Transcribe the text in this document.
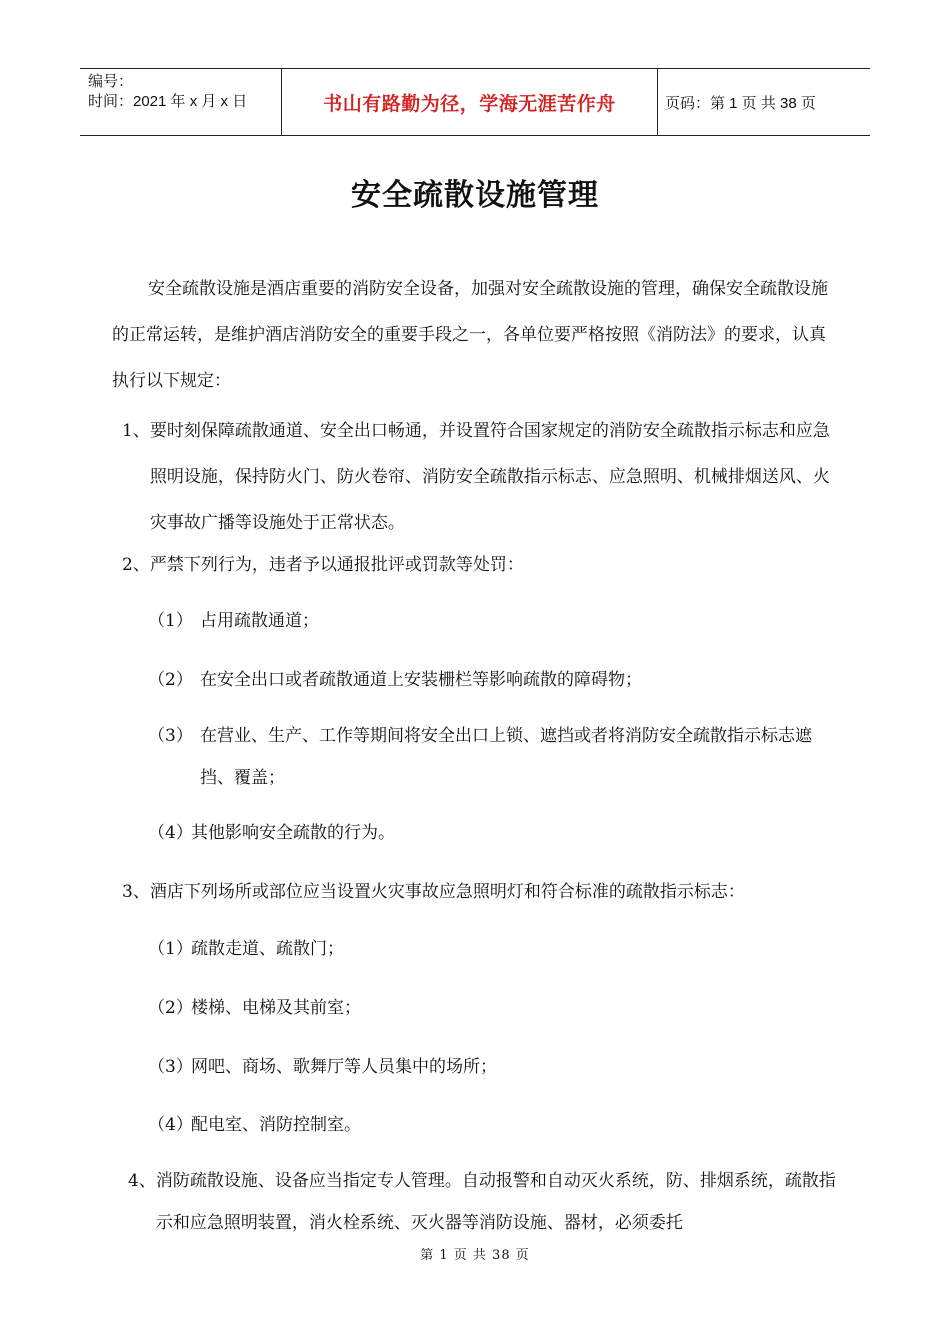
编号：
时间：2021 年 x 月 x 日	书山有路勤为径，学海无涯苦作舟	页码：第 1 页 共 38 页
安全疏散设施管理

安全疏散设施是酒店重要的消防安全设备，加强对安全疏散设施的管理，确保安全疏散设施的正常运转，是维护酒店消防安全的重要手段之一，各单位要严格按照《消防法》的要求，认真执行以下规定：

1、 要时刻保障疏散通道、安全出口畅通，并设置符合国家规定的消防安全疏散指示标志和应急照明设施，保持防火门、防火卷帘、消防安全疏散指示标志、应急照明、机械排烟送风、火灾事故广播等设施处于正常状态。
2、 严禁下列行为，违者予以通报批评或罚款等处罚：
（1） 占用疏散通道；
（2） 在安全出口或者疏散通道上安装栅栏等影响疏散的障碍物；
（3） 在营业、生产、工作等期间将安全出口上锁、遮挡或者将消防安全疏散指示标志遮挡、覆盖；
（4）
其他影响安全疏散的行为。
3、 酒店下列场所或部位应当设置火灾事故应急照明灯和符合标准的疏散指示标志：
（1）
疏散走道、疏散门；
（2）
楼梯、电梯及其前室；
（3）
网吧、商场、歌舞厅等人员集中的场所；
（4）
配电室、消防控制室。
4、 消防疏散设施、设备应当指定专人管理。自动报警和自动灭火系统，防、排烟系统，疏散指示和应急照明装置，消火栓系统、灭火器等消防设施、器材，必须委托
第 1 页 共 38 页
